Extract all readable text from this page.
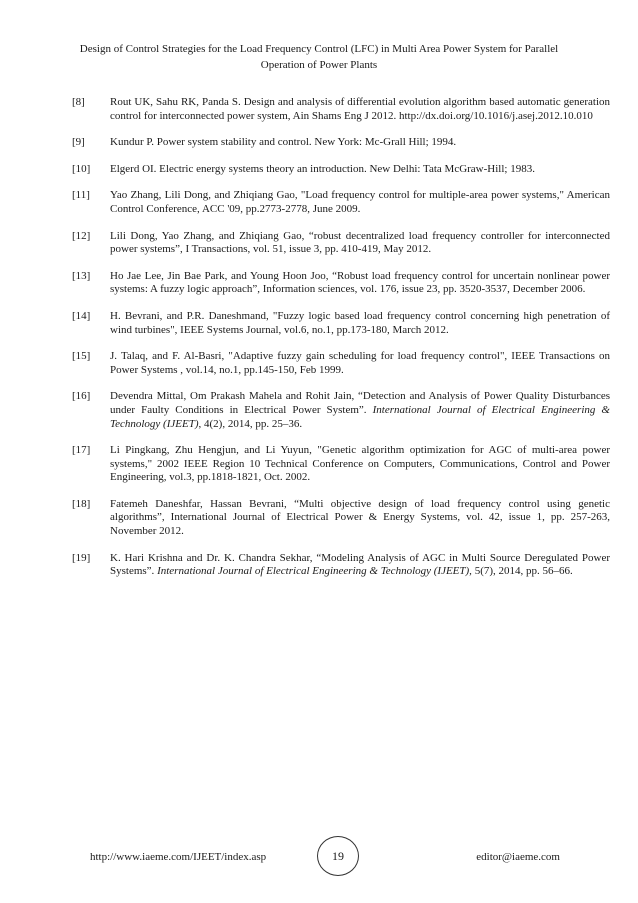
Design of Control Strategies for the Load Frequency Control (LFC) in Multi Area Power System for Parallel
Operation of Power Plants
[8] Rout UK, Sahu RK, Panda S. Design and analysis of differential evolution algorithm based automatic generation control for interconnected power system, Ain Shams Eng J 2012. http://dx.doi.org/10.1016/j.asej.2012.10.010
[9] Kundur P. Power system stability and control. New York: Mc-Grall Hill; 1994.
[10] Elgerd OI. Electric energy systems theory an introduction. New Delhi: Tata McGraw-Hill; 1983.
[11] Yao Zhang, Lili Dong, and Zhiqiang Gao, "Load frequency control for multiple-area power systems," American Control Conference, ACC '09, pp.2773-2778, June 2009.
[12] Lili Dong, Yao Zhang, and Zhiqiang Gao, “robust decentralized load frequency controller for interconnected power systems”, I Transactions, vol. 51, issue 3, pp. 410-419, May 2012.
[13] Ho Jae Lee, Jin Bae Park, and Young Hoon Joo, “Robust load frequency control for uncertain nonlinear power systems: A fuzzy logic approach”, Information sciences, vol. 176, issue 23, pp. 3520-3537, December 2006.
[14] H. Bevrani, and P.R. Daneshmand, "Fuzzy logic based load frequency control concerning high penetration of wind turbines", IEEE Systems Journal, vol.6, no.1, pp.173-180, March 2012.
[15] J. Talaq, and F. Al-Basri, "Adaptive fuzzy gain scheduling for load frequency control", IEEE Transactions on Power Systems , vol.14, no.1, pp.145-150, Feb 1999.
[16] Devendra Mittal, Om Prakash Mahela and Rohit Jain, “Detection and Analysis of Power Quality Disturbances under Faulty Conditions in Electrical Power System”. International Journal of Electrical Engineering & Technology (IJEET), 4(2), 2014, pp. 25–36.
[17] Li Pingkang, Zhu Hengjun, and Li Yuyun, "Genetic algorithm optimization for AGC of multi-area power systems," 2002 IEEE Region 10 Technical Conference on Computers, Communications, Control and Power Engineering, vol.3, pp.1818-1821, Oct. 2002.
[18] Fatemeh Daneshfar, Hassan Bevrani, “Multi objective design of load frequency control using genetic algorithms”, International Journal of Electrical Power & Energy Systems, vol. 42, issue 1, pp. 257-263, November 2012.
[19] K. Hari Krishna and Dr. K. Chandra Sekhar, “Modeling Analysis of AGC in Multi Source Deregulated Power Systems”. International Journal of Electrical Engineering & Technology (IJEET), 5(7), 2014, pp. 56–66.
http://www.iaeme.com/IJEET/index.asp	19	editor@iaeme.com
